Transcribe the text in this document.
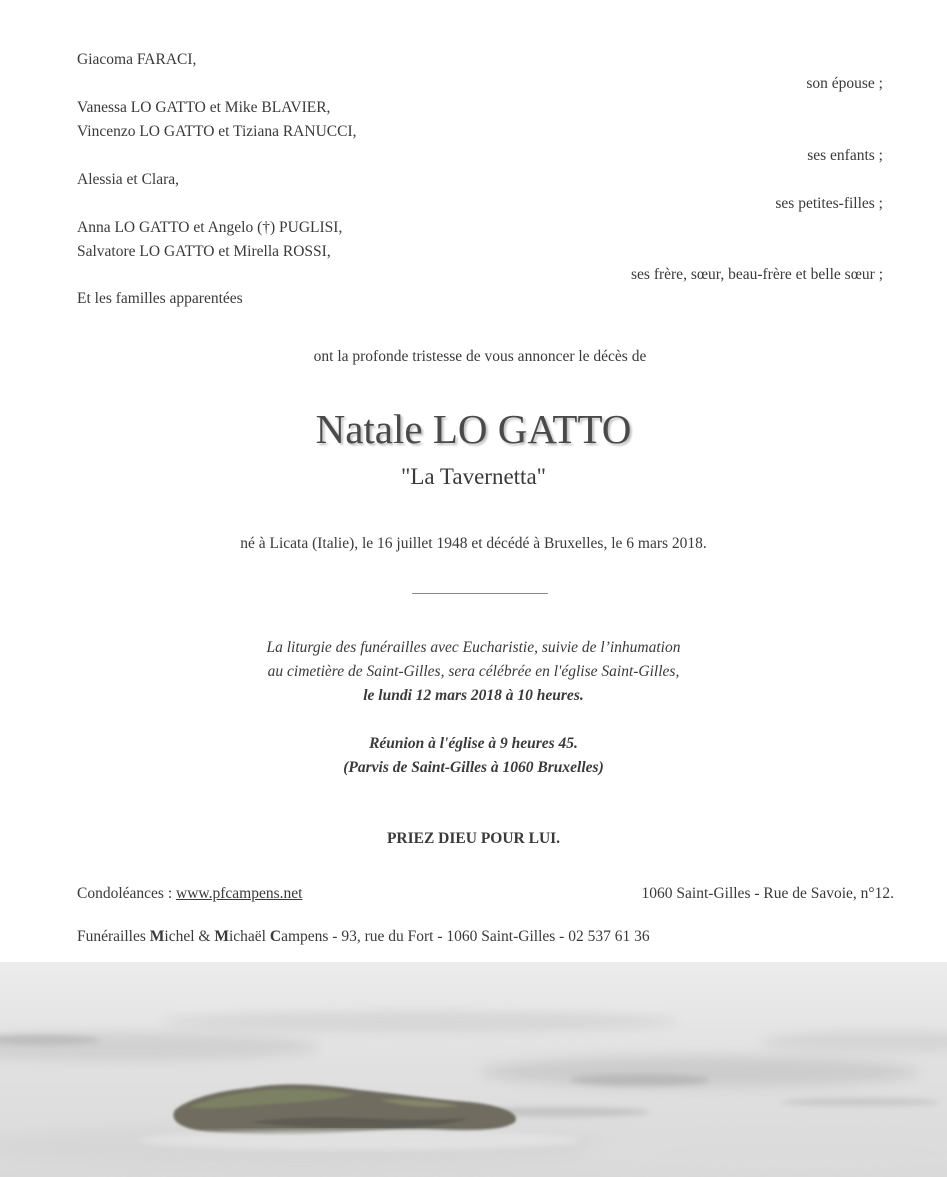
Giacoma FARACI,
son épouse ;
Vanessa LO GATTO et Mike BLAVIER,
Vincenzo LO GATTO et Tiziana RANUCCI,
ses enfants ;
Alessia et Clara,
ses petites-filles ;
Anna LO GATTO et Angelo (†) PUGLISI,
Salvatore LO GATTO et Mirella ROSSI,
ses frère, sœur, beau-frère et belle sœur ;
Et les familles apparentées
ont la profonde tristesse de vous annoncer le décès de
Natale LO GATTO
"La Tavernetta"
né à Licata (Italie), le 16 juillet 1948 et décédé à Bruxelles, le 6 mars 2018.
La liturgie des funérailles avec Eucharistie, suivie de l’inhumation
au cimetière de Saint-Gilles, sera célébrée en l'église Saint-Gilles,
le lundi 12 mars 2018 à 10 heures.
Réunion à l'église à 9 heures 45.
(Parvis de Saint-Gilles à 1060 Bruxelles)
PRIEZ DIEU POUR LUI.
Condoléances : www.pfcampens.net	1060 Saint-Gilles - Rue de Savoie, n°12.
Funérailles Michel & Michaël Campens - 93, rue du Fort - 1060 Saint-Gilles - 02 537 61 36
